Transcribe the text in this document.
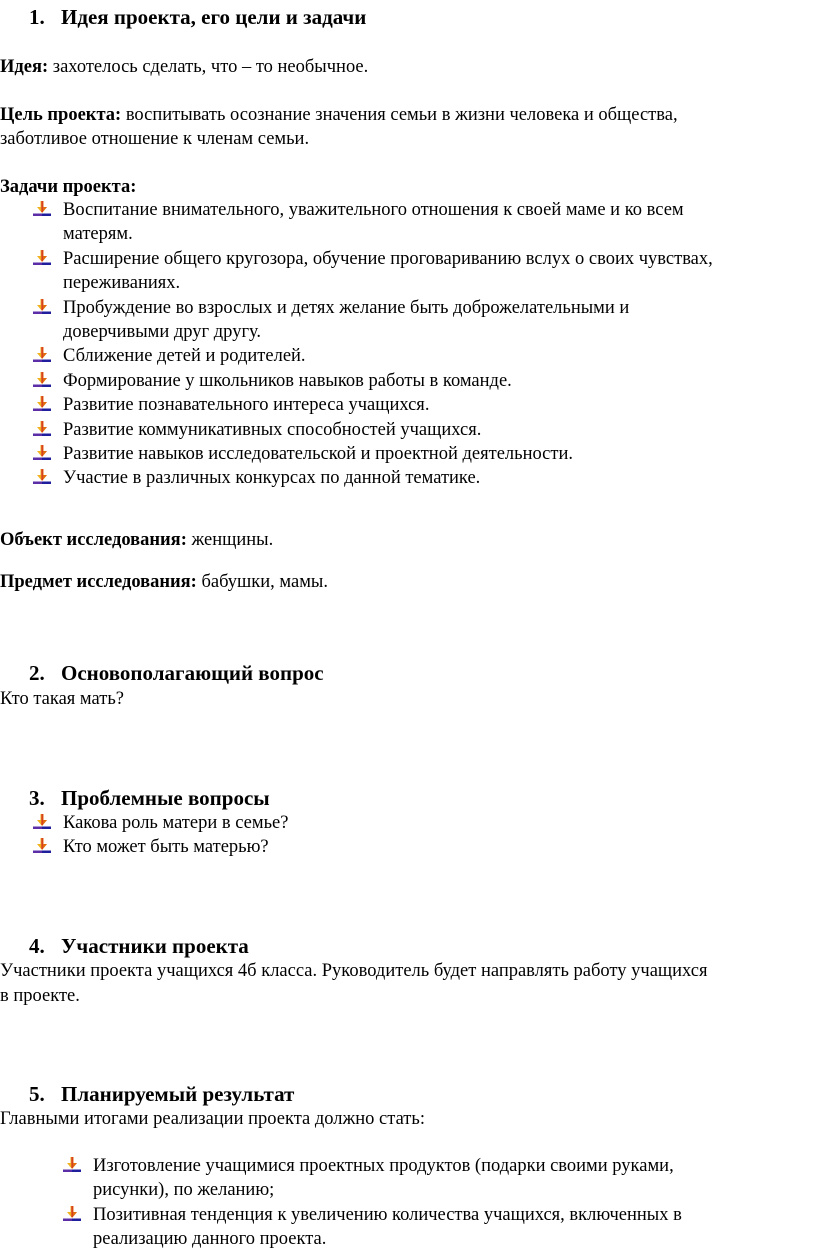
1. Идея проекта, его цели и задачи

Идея: захотелось сделать, что – то необычное.

Цель проекта: воспитывать осознание значения семьи в жизни человека и общества,

заботливое отношение к членам семьи.

Задачи проекта:

Воспитание внимательного, уважительного отношения к своей маме и ко всем

матерям.

Расширение общего кругозора, обучение проговариванию вслух о своих чувствах,

переживаниях.

Пробуждение во взрослых и детях желание быть доброжелательными и

доверчивыми друг другу.

Сближение детей и родителей.

Формирование у школьников навыков работы в команде.

Развитие познавательного интереса учащихся.

Развитие коммуникативных способностей учащихся.

Развитие навыков исследовательской и проектной деятельности.

Участие в различных конкурсах по данной тематике.

Объект исследования: женщины.

Предмет исследования: бабушки, мамы.

2. Основополагающий вопрос

Кто такая мать?

3. Проблемные вопросы

Какова роль матери в семье?

Кто может быть матерью?

4. Участники проекта

Участники проекта учащихся 4б класса. Руководитель будет направлять работу учащихся

в проекте.

5. Планируемый результат

Главными итогами реализации проекта должно стать:

Изготовление учащимися проектных продуктов (подарки своими руками,

рисунки), по желанию;

Позитивная тенденция к увеличению количества учащихся, включенных в

реализацию данного проекта.
